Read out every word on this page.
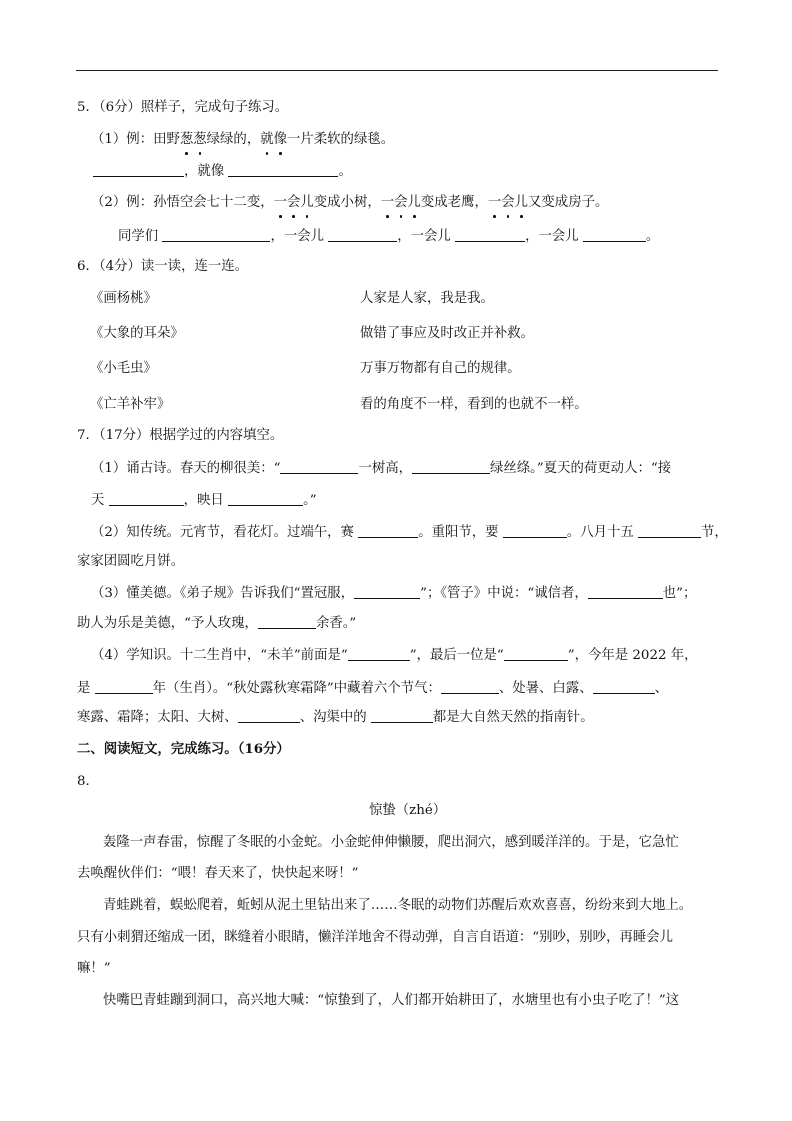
5．（6分）照样子，完成句子练习。
（1）例：田野葱葱绿绿的，就像一片柔软的绿毯。
，就像	。
（2）例：孙悟空会七十二变，一会儿变成小树，一会儿变成老鹰，一会儿又变成房子。
同学们	，一会儿	，一会儿	，一会儿	。
6．（4分）读一读，连一连。
《画杨桃》	人家是人家，我是我。
《大象的耳朵》	做错了事应及时改正并补救。
《小毛虫》	万事万物都有自己的规律。
《亡羊补牢》	看的角度不一样，看到的也就不一样。
7．（17分）根据学过的内容填空。
（1）诵古诗。春天的柳很美：“	一树高，	绿丝绦。”夏天的荷更动人：“接
天	，映日	。”
（2）知传统。元宵节，看花灯。过端午，赛	。重阳节，要	。八月十五	节，
家家团圆吃月饼。
（3）懂美德。《弟子规》告诉我们“置冠服，	”；《管子》中说：“诚信者，	也”；
助人为乐是美德，“予人玫瑰，	余香。”
（4）学知识。十二生肖中，“未羊”前面是“	”，最后一位是“	”，今年是 2022 年，
是	年（生肖）。“秋处露秋寒霜降”中藏着六个节气：	、处暑、白露、	、
寒露、霜降；太阳、大树、	、沟渠中的	都是大自然天然的指南针。
二、阅读短文，完成练习。（16分）
8．
惊蛰（zhé）
轰隆一声春雷，惊醒了冬眠的小金蛇。小金蛇伸伸懒腰，爬出洞穴，感到暖洋洋的。于是，它急忙
去唤醒伙伴们：“喂！春天来了，快快起来呀！”
青蛙跳着，蜈蚣爬着，蚯蚓从泥土里钻出来了……冬眠的动物们苏醒后欢欢喜喜，纷纷来到大地上。
只有小刺猬还缩成一团，眯缝着小眼睛，懒洋洋地舍不得动弹，自言自语道：“别吵，别吵，再睡会儿
嘛！”
快嘴巴青蛙蹦到洞口，高兴地大喊：“惊蛰到了，人们都开始耕田了，水塘里也有小虫子吃了！”这
